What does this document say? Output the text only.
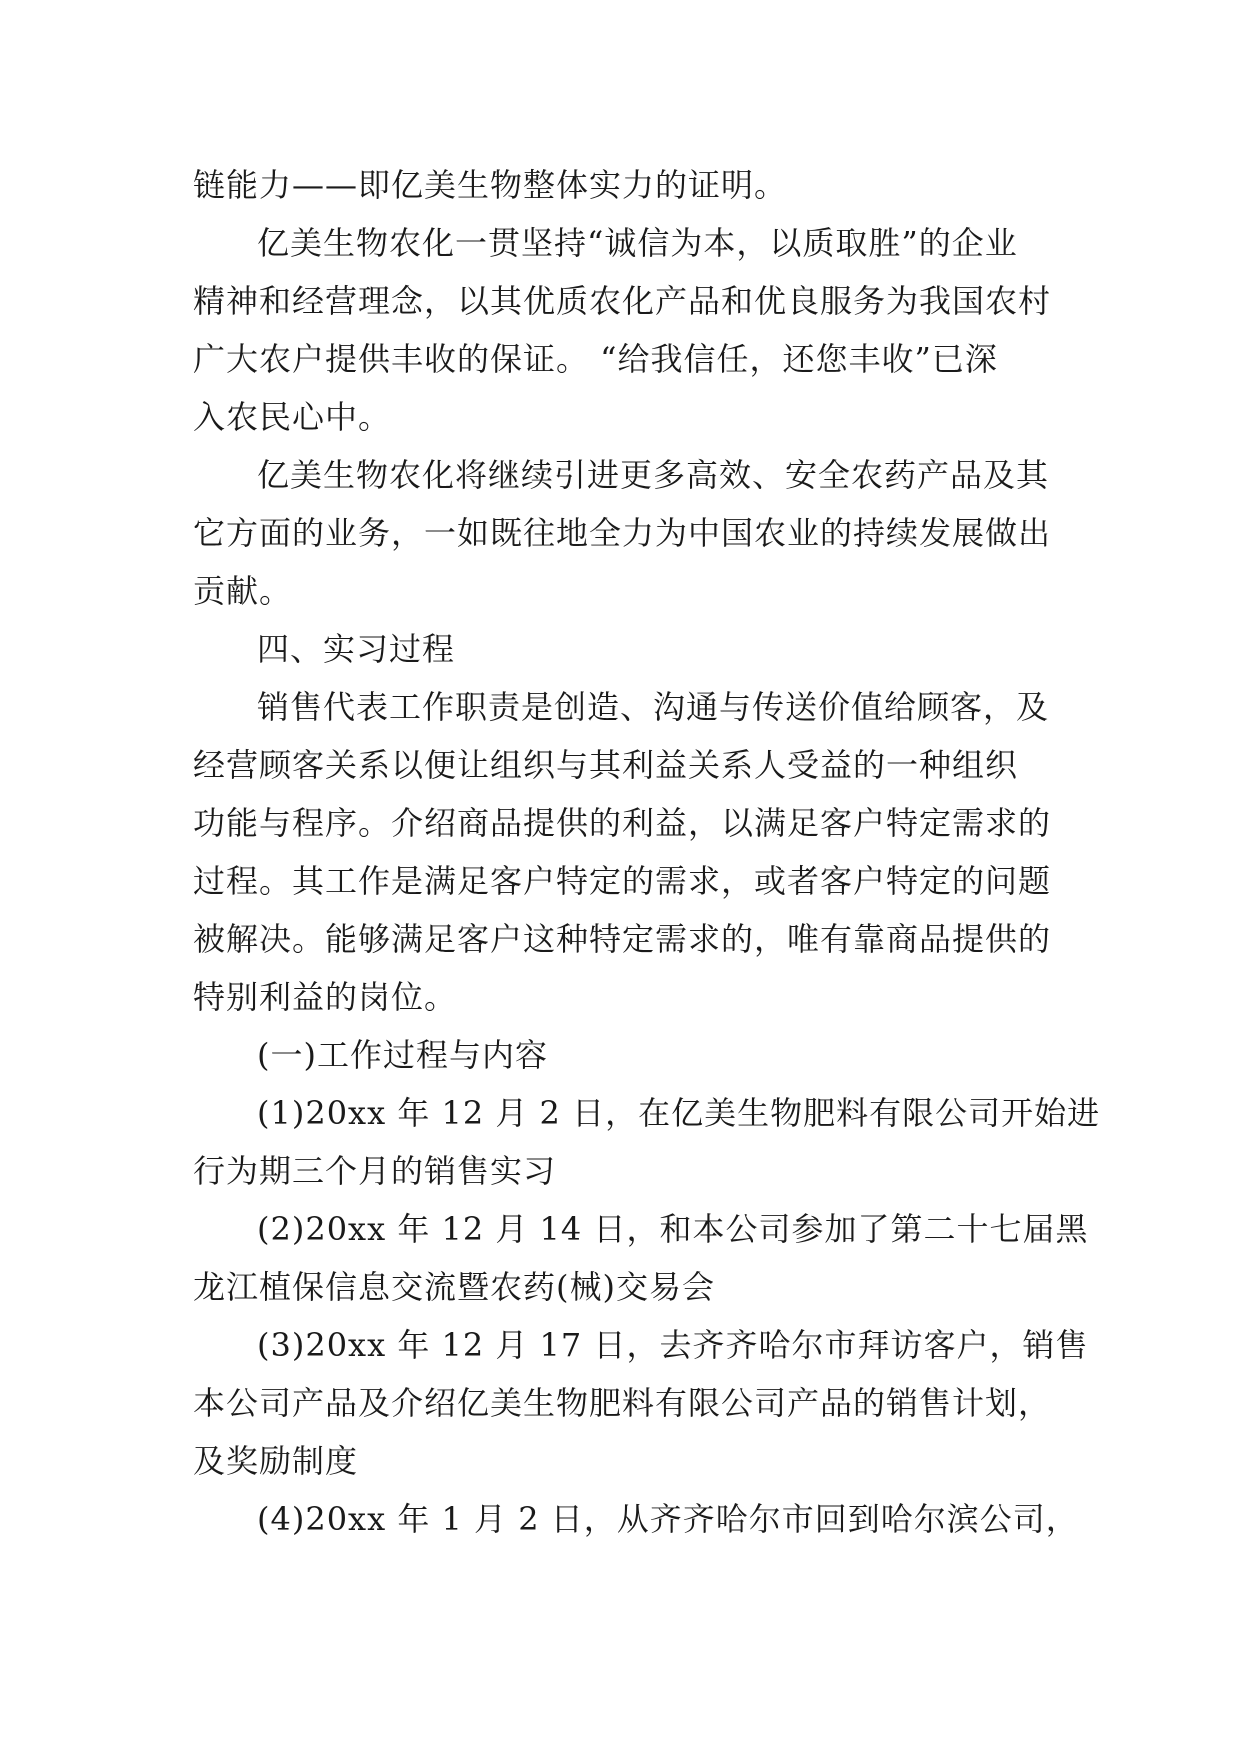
链能力——即亿美生物整体实力的证明。
亿美生物农化一贯坚持“诚信为本，以质取胜”的企业
精神和经营理念，以其优质农化产品和优良服务为我国农村
广大农户提供丰收的保证。 “给我信任，还您丰收”已深
入农民心中。
亿美生物农化将继续引进更多高效、安全农药产品及其
它方面的业务，一如既往地全力为中国农业的持续发展做出
贡献。
四、实习过程
销售代表工作职责是创造、沟通与传送价值给顾客，及
经营顾客关系以便让组织与其利益关系人受益的一种组织
功能与程序。介绍商品提供的利益，以满足客户特定需求的
过程。其工作是满足客户特定的需求，或者客户特定的问题
被解决。能够满足客户这种特定需求的，唯有靠商品提供的
特别利益的岗位。
(一)工作过程与内容
(1)20xx 年 12 月 2 日，在亿美生物肥料有限公司开始进
行为期三个月的销售实习
(2)20xx 年 12 月 14 日，和本公司参加了第二十七届黑
龙江植保信息交流暨农药(械)交易会
(3)20xx 年 12 月 17 日，去齐齐哈尔市拜访客户，销售
本公司产品及介绍亿美生物肥料有限公司产品的销售计划，
及奖励制度
(4)20xx 年 1 月 2 日，从齐齐哈尔市回到哈尔滨公司，
